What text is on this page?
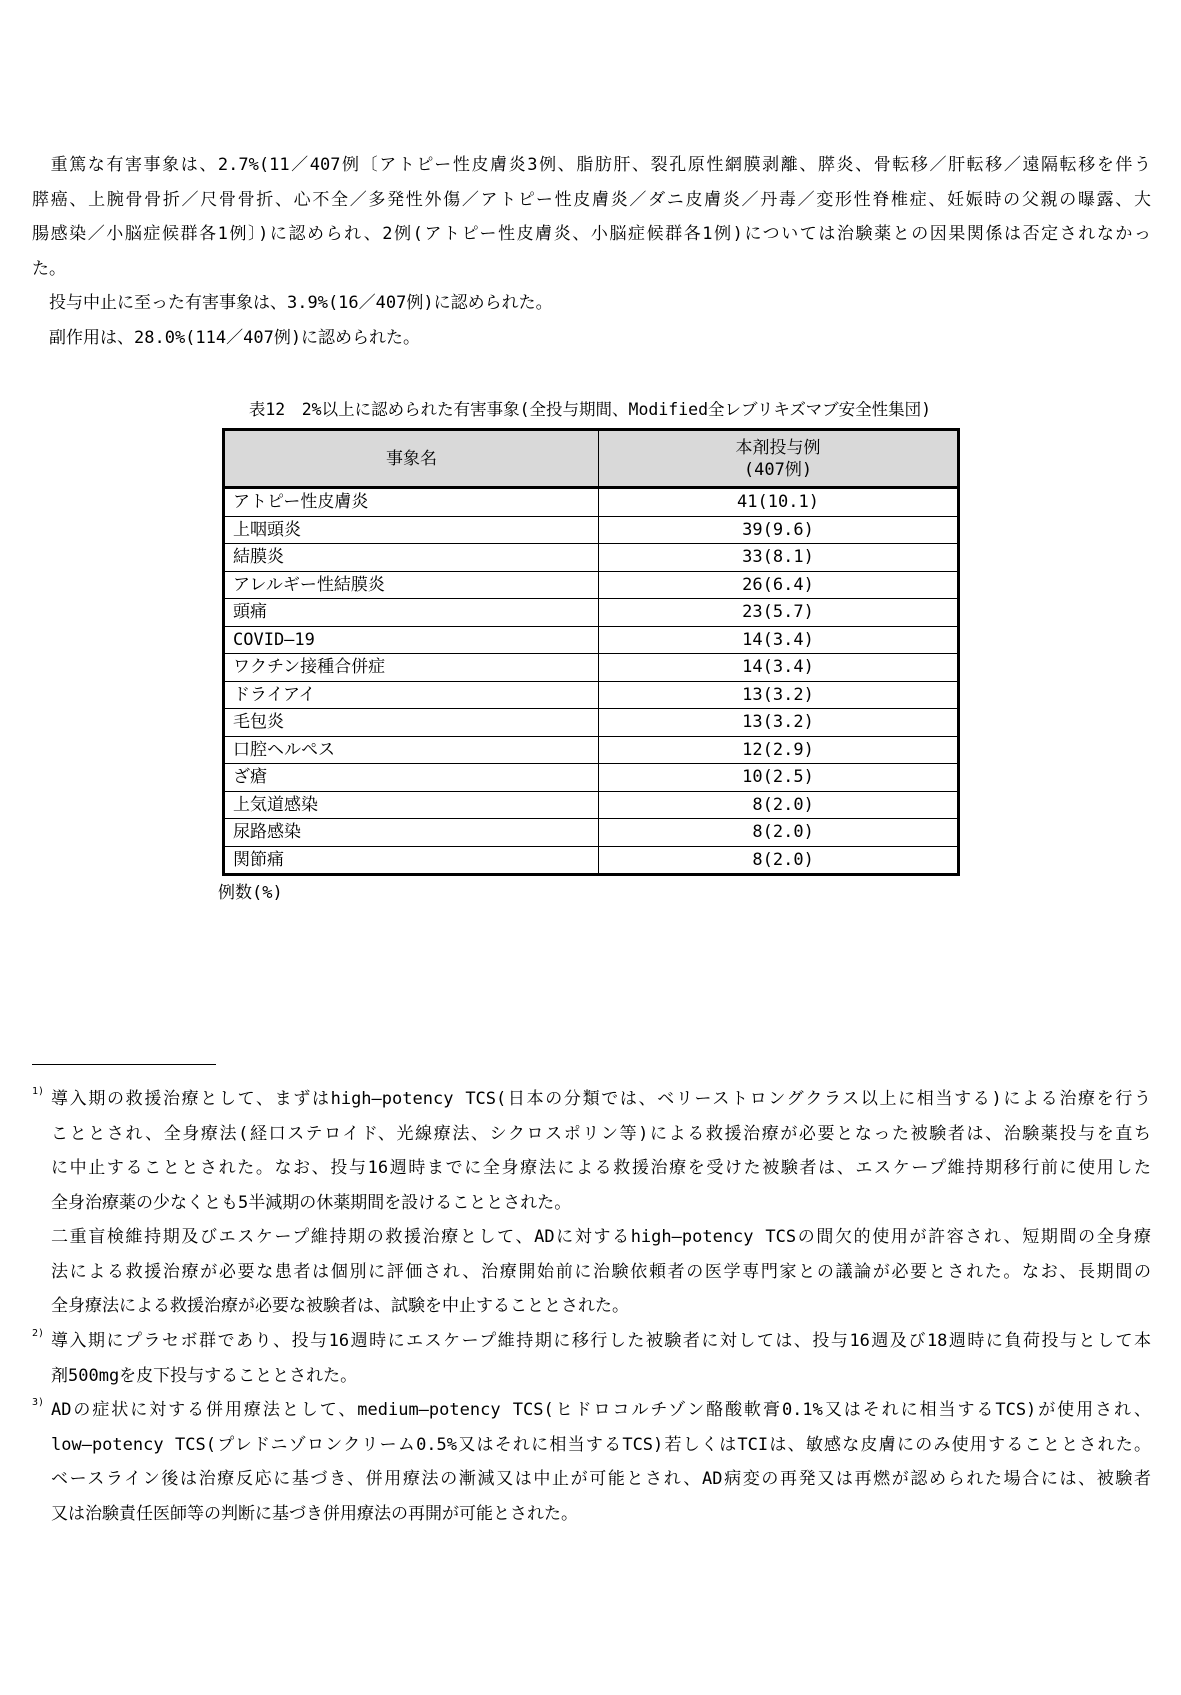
　重篤な有害事象は、2.7%(11／407例〔アトピー性皮膚炎3例、脂肪肝、裂孔原性網膜剥離、膵炎、骨転移／肝転移／遠隔転移を伴う
膵癌、上腕骨骨折／尺骨骨折、心不全／多発性外傷／アトピー性皮膚炎／ダニ皮膚炎／丹毒／変形性脊椎症、妊娠時の父親の曝露、大
腸感染／小脳症候群各1例〕)に認められ、2例(アトピー性皮膚炎、小脳症候群各1例)については治験薬との因果関係は否定されなかっ
た。
　投与中止に至った有害事象は、3.9%(16／407例)に認められた。
　副作用は、28.0%(114／407例)に認められた。
表12　2%以上に認められた有害事象(全投与期間、Modified全レブリキズマブ安全性集団)
事象名	本剤投与例
(407例)

アトピー性皮膚炎	41(10.1)
上咽頭炎	39(9.6)
結膜炎	33(8.1)
アレルギー性結膜炎	26(6.4)
頭痛	23(5.7)
COVID—19	14(3.4)
ワクチン接種合併症	14(3.4)
ドライアイ	13(3.2)
毛包炎	13(3.2)
口腔ヘルペス	12(2.9)
ざ瘡	10(2.5)
上気道感染	8(2.0)
尿路感染	8(2.0)
関節痛	8(2.0)
例数(%)
1) 導入期の救援治療として、まずはhigh—potency TCS(日本の分類では、ベリーストロングクラス以上に相当する)による治療を行う
こととされ、全身療法(経口ステロイド、光線療法、シクロスポリン等)による救援治療が必要となった被験者は、治験薬投与を直ち
に中止することとされた。なお、投与16週時までに全身療法による救援治療を受けた被験者は、エスケープ維持期移行前に使用した
全身治療薬の少なくとも5半減期の休薬期間を設けることとされた。
二重盲検維持期及びエスケープ維持期の救援治療として、ADに対するhigh—potency TCSの間欠的使用が許容され、短期間の全身療
法による救援治療が必要な患者は個別に評価され、治療開始前に治験依頼者の医学専門家との議論が必要とされた。なお、長期間の
全身療法による救援治療が必要な被験者は、試験を中止することとされた。
2) 導入期にプラセボ群であり、投与16週時にエスケープ維持期に移行した被験者に対しては、投与16週及び18週時に負荷投与として本
剤500mgを皮下投与することとされた。
3) ADの症状に対する併用療法として、medium—potency TCS(ヒドロコルチゾン酪酸軟膏0.1%又はそれに相当するTCS)が使用され、
low—potency TCS(プレドニゾロンクリーム0.5%又はそれに相当するTCS)若しくはTCIは、敏感な皮膚にのみ使用することとされた。
ベースライン後は治療反応に基づき、併用療法の漸減又は中止が可能とされ、AD病変の再発又は再燃が認められた場合には、被験者
又は治験責任医師等の判断に基づき併用療法の再開が可能とされた。
